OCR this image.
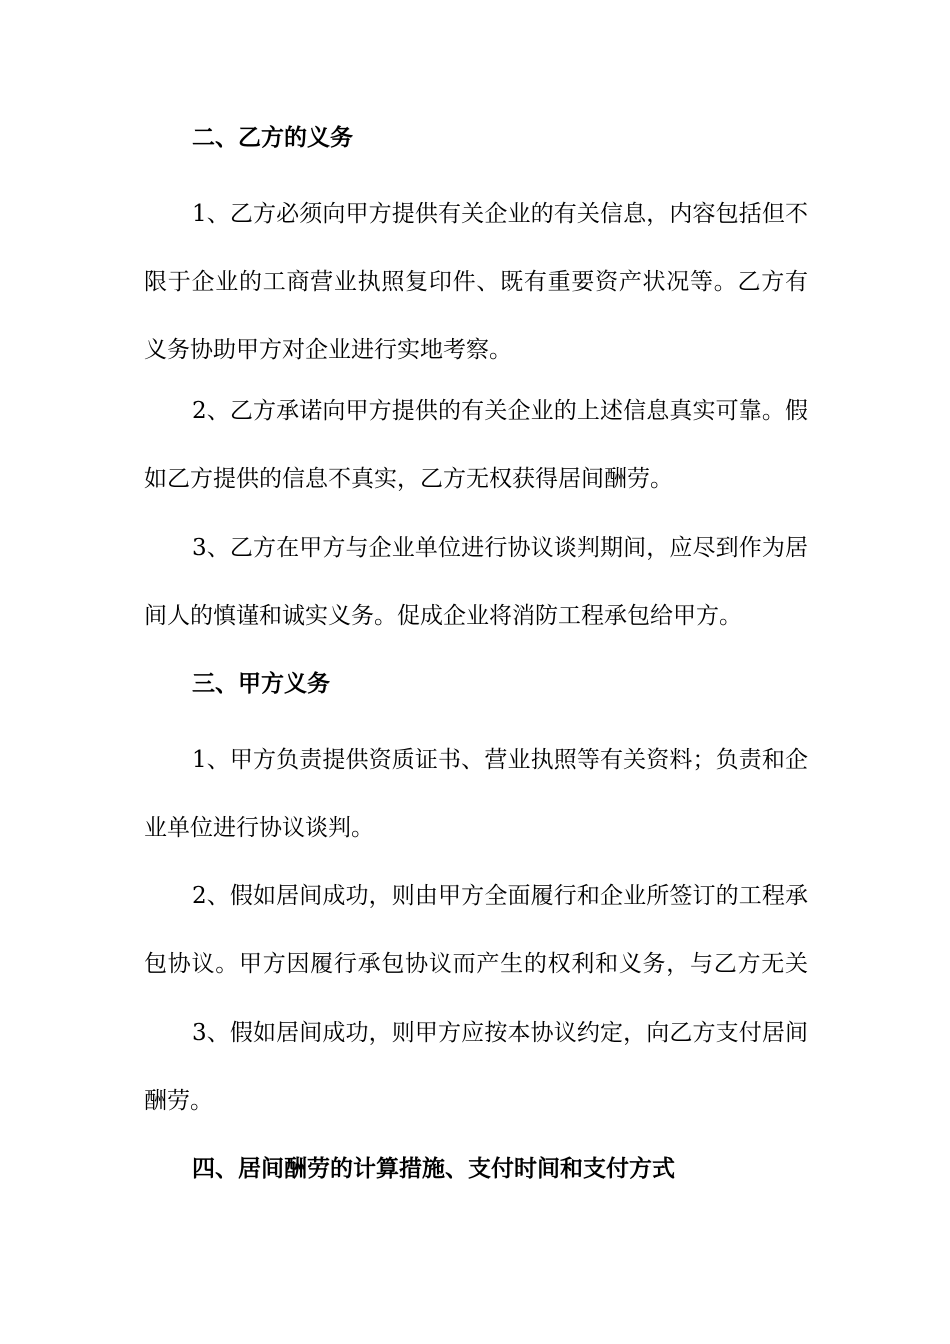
二、乙方的义务
1、乙方必须向甲方提供有关企业的有关信息，内容包括但不
限于企业的工商营业执照复印件、既有重要资产状况等。乙方有
义务协助甲方对企业进行实地考察。
2、乙方承诺向甲方提供的有关企业的上述信息真实可靠。假
如乙方提供的信息不真实，乙方无权获得居间酬劳。
3、乙方在甲方与企业单位进行协议谈判期间，应尽到作为居
间人的慎谨和诚实义务。促成企业将消防工程承包给甲方。
三、甲方义务
1、甲方负责提供资质证书、营业执照等有关资料；负责和企
业单位进行协议谈判。
2、假如居间成功，则由甲方全面履行和企业所签订的工程承
包协议。甲方因履行承包协议而产生的权利和义务，与乙方无关
3、假如居间成功，则甲方应按本协议约定，向乙方支付居间
酬劳。
四、居间酬劳的计算措施、支付时间和支付方式
